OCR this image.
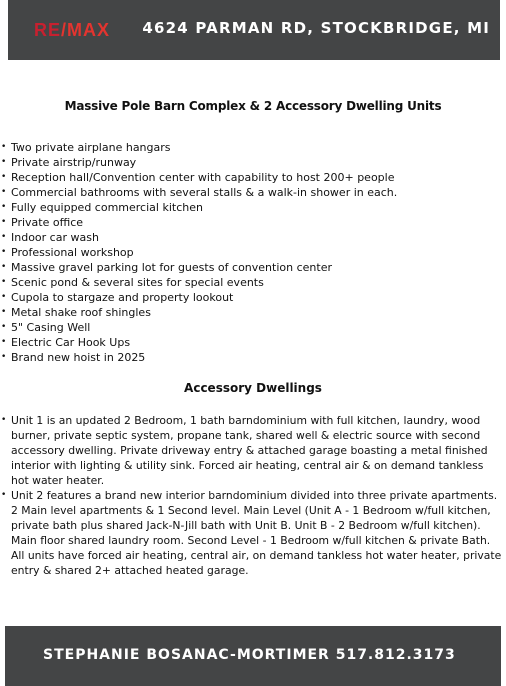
RE/MAX 4624 PARMAN RD, STOCKBRIDGE, MI
Massive Pole Barn Complex & 2 Accessory Dwelling Units
• Two private airplane hangars
• Private airstrip/runway
• Reception hall/Convention center with capability to host 200+ people
• Commercial bathrooms with several stalls & a walk-in shower in each.
• Fully equipped commercial kitchen
• Private office
• Indoor car wash
• Professional workshop
• Massive gravel parking lot for guests of convention center
• Scenic pond & several sites for special events
• Cupola to stargaze and property lookout
• Metal shake roof shingles
• 5" Casing Well
• Electric Car Hook Ups
• Brand new hoist in 2025
Accessory Dwellings
• Unit 1 is an updated 2 Bedroom, 1 bath barndominium with full kitchen, laundry, wood burner, private septic system, propane tank, shared well & electric source with second accessory dwelling. Private driveway entry & attached garage boasting a metal finished interior with lighting & utility sink. Forced air heating, central air & on demand tankless hot water heater.
• Unit 2 features a brand new interior barndominium divided into three private apartments. 2 Main level apartments & 1 Second level. Main Level (Unit A - 1 Bedroom w/full kitchen, private bath plus shared Jack-N-Jill bath with Unit B. Unit B - 2 Bedroom w/full kitchen). Main floor shared laundry room. Second Level - 1 Bedroom w/full kitchen & private Bath. All units have forced air heating, central air, on demand tankless hot water heater, private entry & shared 2+ attached heated garage.
STEPHANIE BOSANAC-MORTIMER 517.812.3173
